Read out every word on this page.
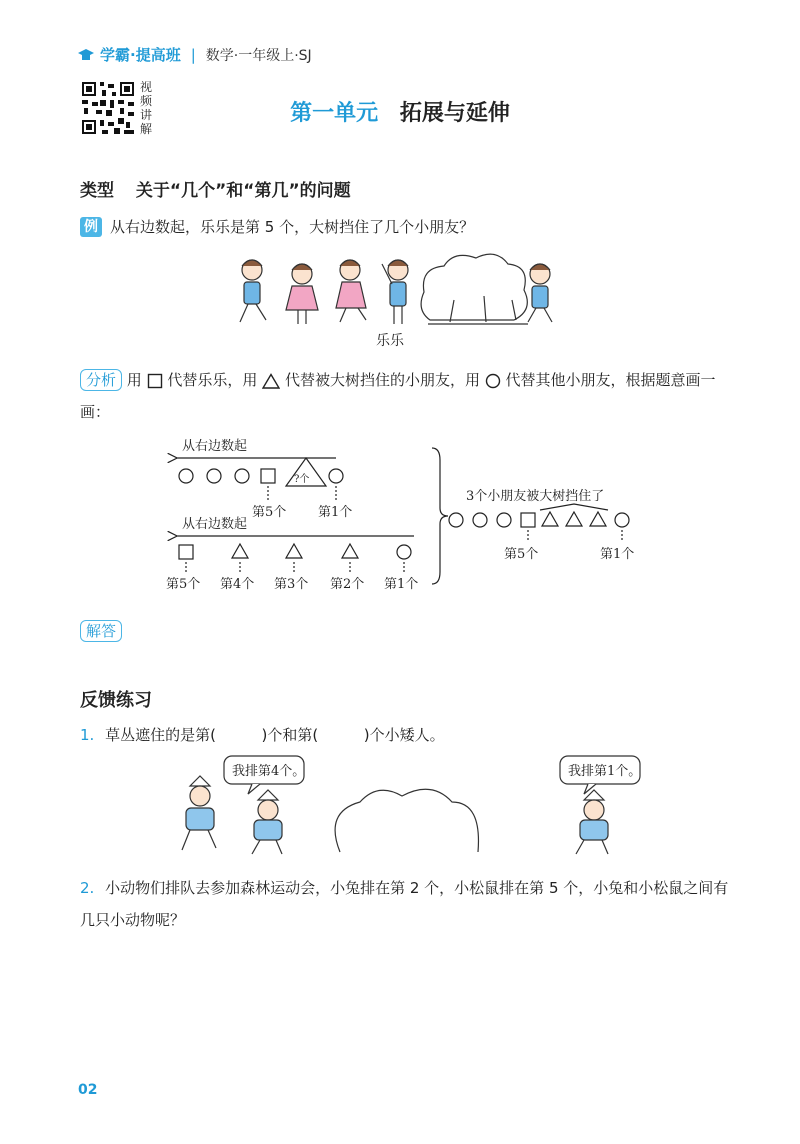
学霸·提高班 | 数学·一年级上·SJ
视
频
讲
解
第一单元 拓展与延伸
类型 关于“几个”和“第几”的问题
例 从右边数起，乐乐是第 5 个，大树挡住了几个小朋友？
乐乐
分析 用 代替乐乐，用 代替被大树挡住的小朋友，用 代替其他小朋友，根据题意画一画：
从右边数起
?个
第5个 第1个
从右边数起
第5个 第4个 第3个 第2个 第1个
3个小朋友被大树挡住了
第5个	第1个
解答
反馈练习
1. 草丛遮住的是第(	)个和第(	)个小矮人。
我排第4个。	我排第1个。
2. 小动物们排队去参加森林运动会，小兔排在第 2 个，小松鼠排在第 5 个，小兔和小松鼠之间有几只小动物呢？
02
